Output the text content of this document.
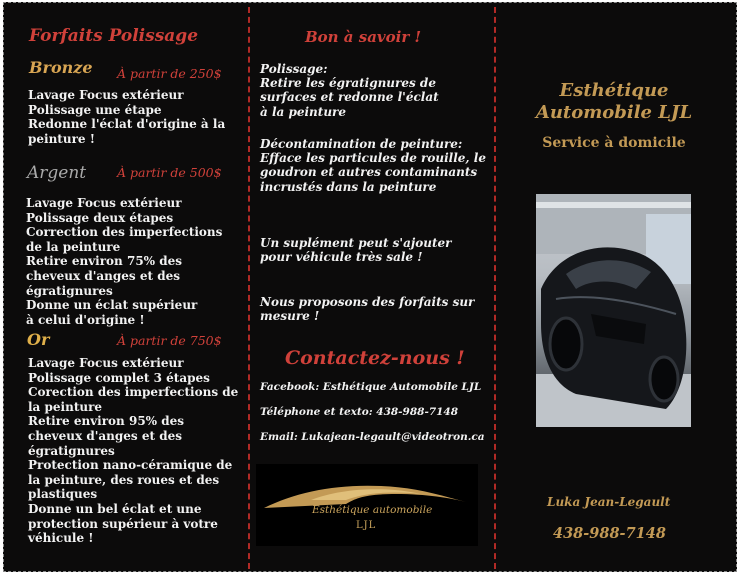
Forfaits Polissage
Bronze À partir de 250$
Lavage Focus extérieur
Polissage une étape
Redonne l'éclat d'origine à la
peinture !
Argent À partir de 500$
Lavage Focus extérieur
Polissage deux étapes
Correction des imperfections
de la peinture
Retire environ 75% des
cheveux d'anges et des
égratignures
Donne un éclat supérieur
à celui d'origine !
Or	À partir de 750$
Lavage Focus extérieur
Polissage complet 3 étapes
Corection des imperfections de
la peinture
Retire environ 95% des
cheveux d'anges et des
égratignures
Protection nano-céramique de
la peinture, des roues et des
plastiques
Donne un bel éclat et une
protection supérieur à votre
véhicule !
Bon à savoir !
Polissage:
Retire les égratignures de
surfaces et redonne l'éclat
à la peinture
Décontamination de peinture:
Efface les particules de rouille, le
goudron et autres contaminants
incrustés dans la peinture
Un suplément peut s'ajouter
pour véhicule très sale !
Nous proposons des forfaits sur
mesure !
Contactez-nous !
Facebook: Esthétique Automobile LJL
Téléphone et texto: 438-988-7148
Email: Lukajean-legault@videotron.ca
Esthétique automobile
LJL
Esthétique
Automobile LJL
Service à domicile
Luka Jean-Legault
438-988-7148
